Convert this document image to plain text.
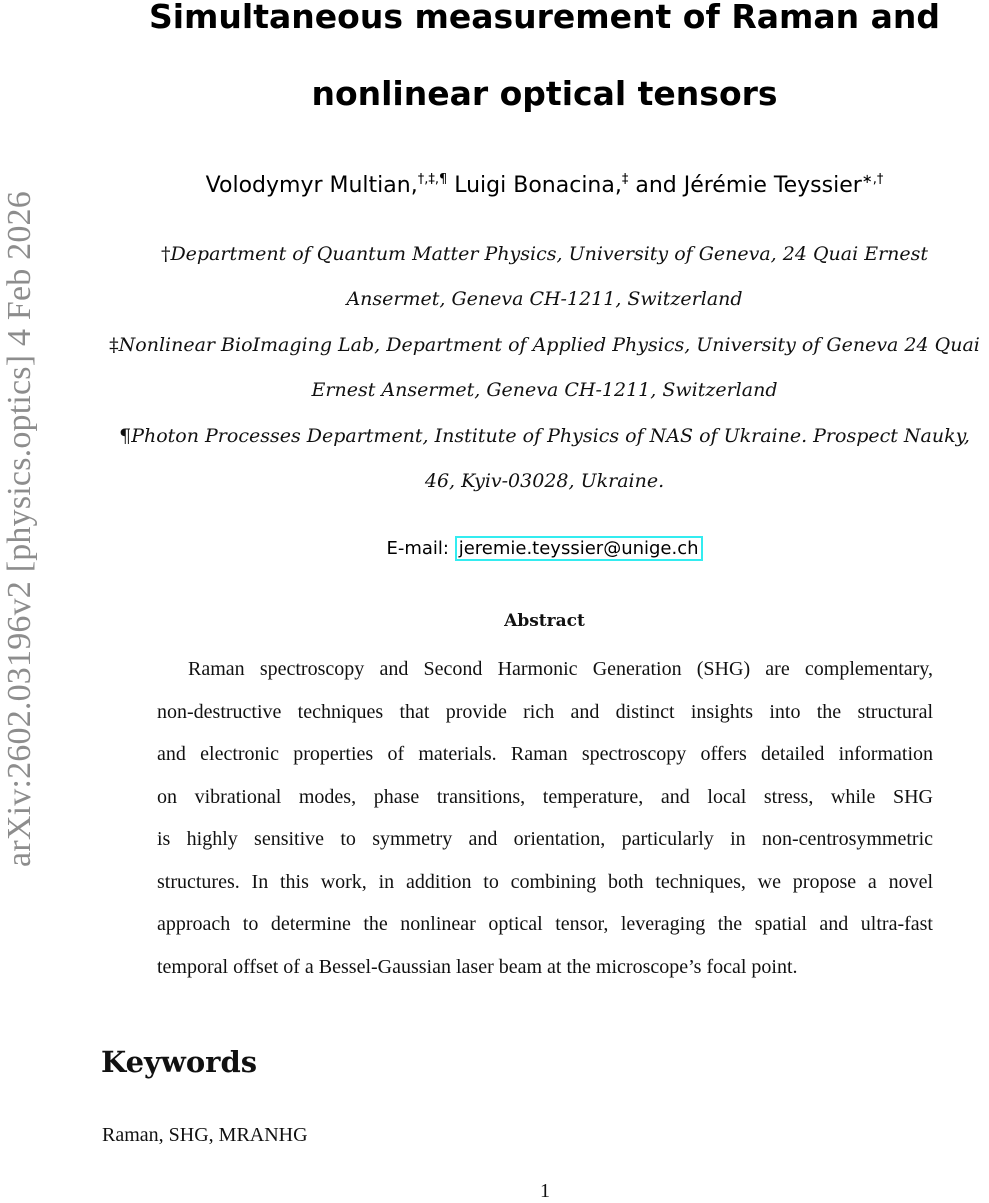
arXiv:2602.03196v2 [physics.optics] 4 Feb 2026
Simultaneous measurement of Raman and
nonlinear optical tensors
Volodymyr Multian,†,‡,¶ Luigi Bonacina,‡ and Jérémie Teyssier∗,†
†Department of Quantum Matter Physics, University of Geneva, 24 Quai Ernest
Ansermet, Geneva CH-1211, Switzerland
‡Nonlinear BioImaging Lab, Department of Applied Physics, University of Geneva 24 Quai
Ernest Ansermet, Geneva CH-1211, Switzerland
¶Photon Processes Department, Institute of Physics of NAS of Ukraine. Prospect Nauky,
46, Kyiv-03028, Ukraine.
E-mail: jeremie.teyssier@unige.ch
Abstract
Raman spectroscopy and Second Harmonic Generation (SHG) are complementary,
non-destructive techniques that provide rich and distinct insights into the structural
and electronic properties of materials. Raman spectroscopy offers detailed information
on vibrational modes, phase transitions, temperature, and local stress, while SHG
is highly sensitive to symmetry and orientation, particularly in non-centrosymmetric
structures. In this work, in addition to combining both techniques, we propose a novel
approach to determine the nonlinear optical tensor, leveraging the spatial and ultra-fast
temporal offset of a Bessel-Gaussian laser beam at the microscope’s focal point.
Keywords
Raman, SHG, MRANHG
1
